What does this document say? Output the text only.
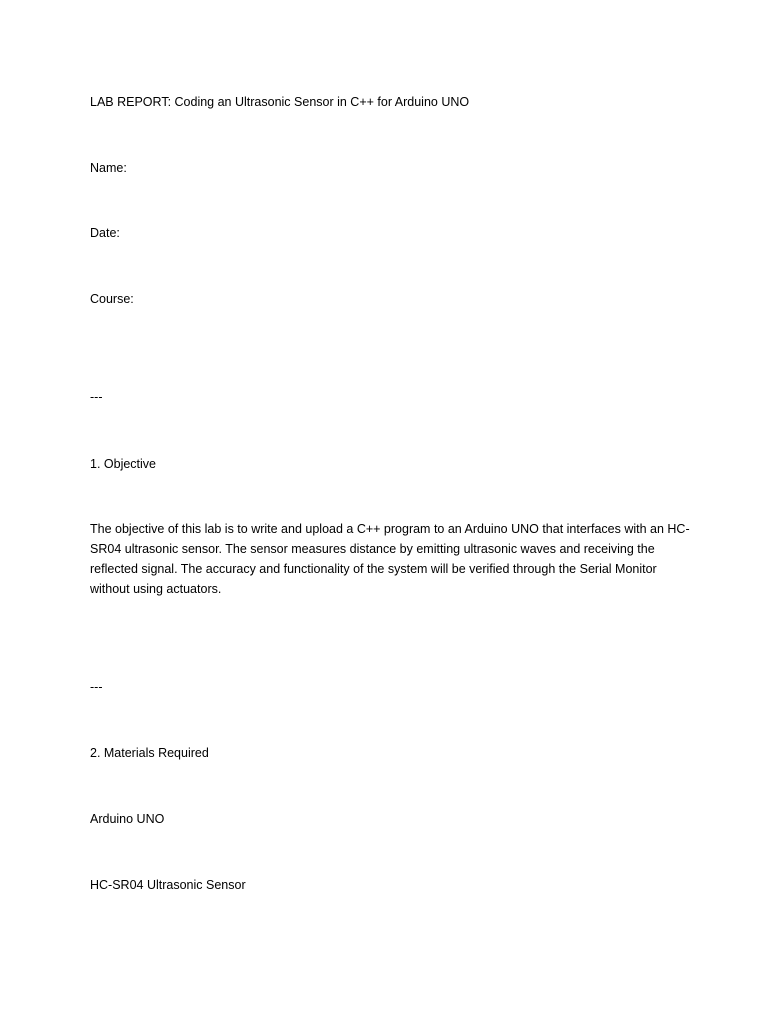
LAB REPORT: Coding an Ultrasonic Sensor in C++ for Arduino UNO

Name:

Date:

Course:

---

1. Objective

The objective of this lab is to write and upload a C++ program to an Arduino UNO that interfaces with an HC-SR04 ultrasonic sensor. The sensor measures distance by emitting ultrasonic waves and receiving the reflected signal. The accuracy and functionality of the system will be verified through the Serial Monitor without using actuators.

---

2. Materials Required

Arduino UNO

HC-SR04 Ultrasonic Sensor
